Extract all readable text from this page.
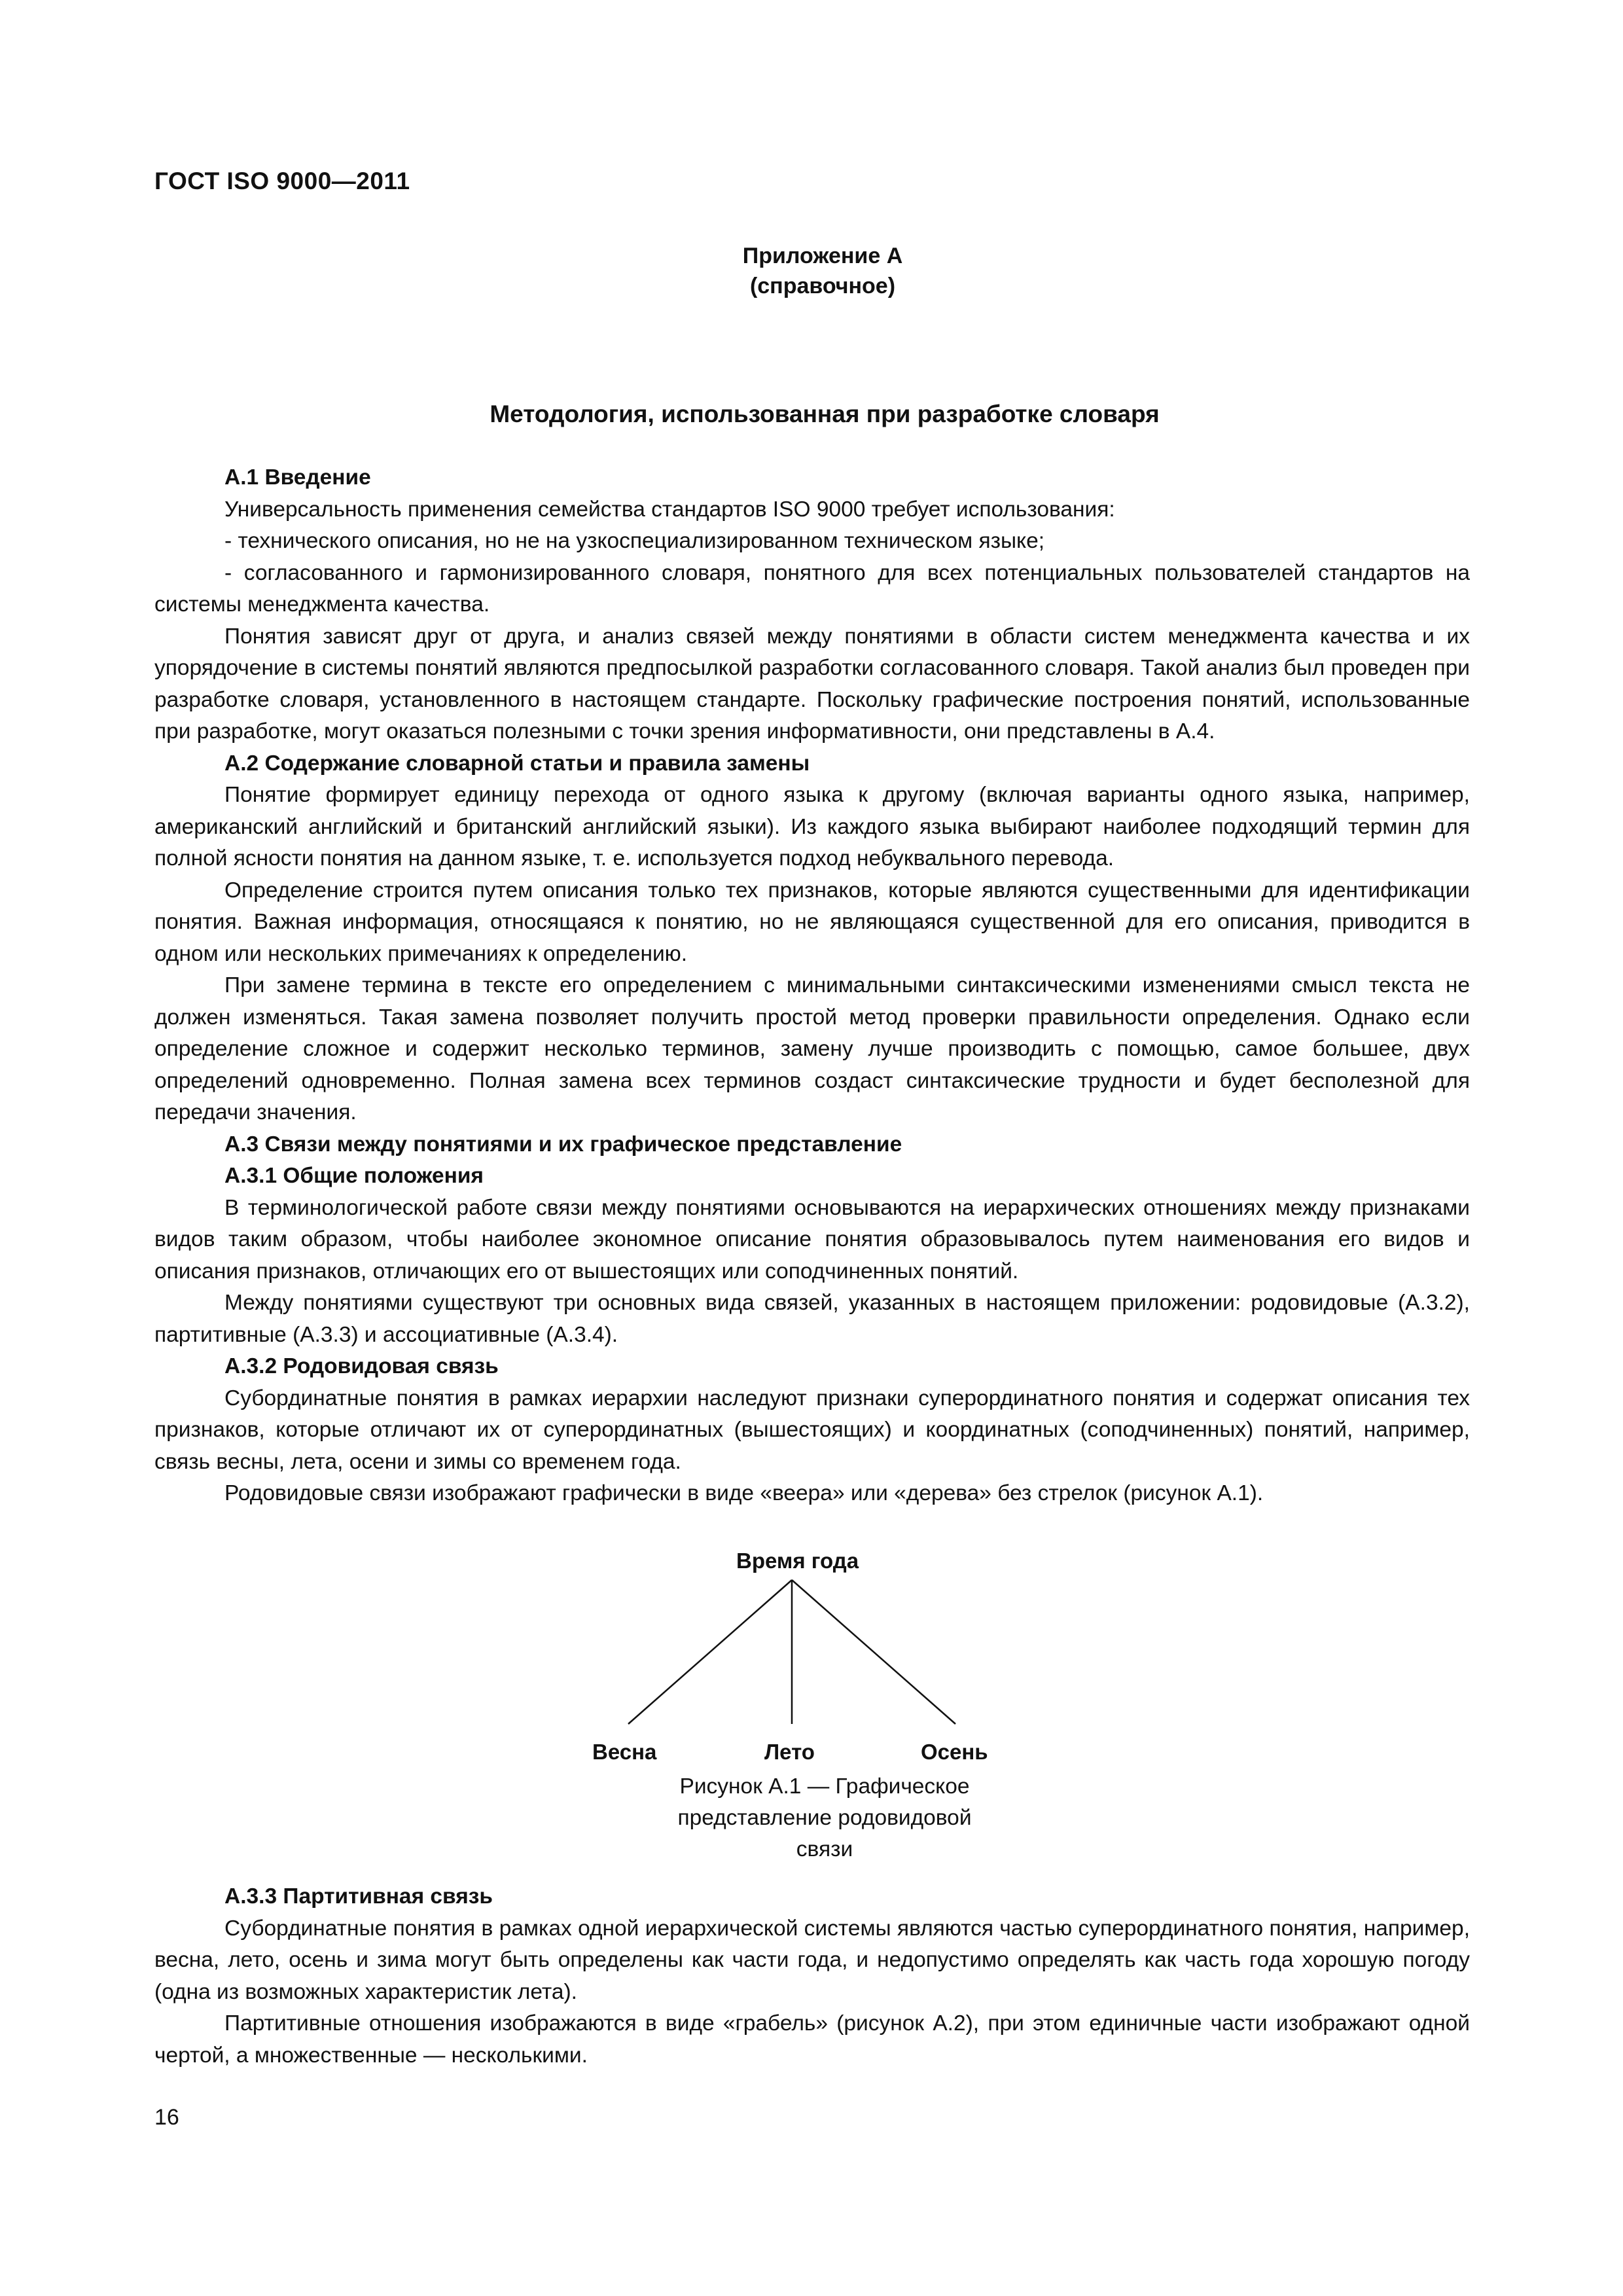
ГОСТ ISO 9000—2011
Приложение А
(справочное)
Методология, использованная при разработке словаря

А.1 Введение

Универсальность применения семейства стандартов ISO 9000 требует использования:

- технического описания, но не на узкоспециализированном техническом языке;

- согласованного и гармонизированного словаря, понятного для всех потенциальных пользователей стандартов на системы менеджмента качества.

Понятия зависят друг от друга, и анализ связей между понятиями в области систем менеджмента качества и их упорядочение в системы понятий являются предпосылкой разработки согласованного словаря. Такой анализ был проведен при разработке словаря, установленного в настоящем стандарте. Поскольку графические построения понятий, использованные при разработке, могут оказаться полезными с точки зрения информативности, они представлены в А.4.

А.2 Содержание словарной статьи и правила замены

Понятие формирует единицу перехода от одного языка к другому (включая варианты одного языка, например, американский английский и британский английский языки). Из каждого языка выбирают наиболее подходящий термин для полной ясности понятия на данном языке, т. е. используется подход небуквального перевода.

Определение строится путем описания только тех признаков, которые являются существенными для идентификации понятия. Важная информация, относящаяся к понятию, но не являющаяся существенной для его описания, приводится в одном или нескольких примечаниях к определению.

При замене термина в тексте его определением с минимальными синтаксическими изменениями смысл текста не должен изменяться. Такая замена позволяет получить простой метод проверки правильности определения. Однако если определение сложное и содержит несколько терминов, замену лучше производить с помощью, самое большее, двух определений одновременно. Полная замена всех терминов создаст синтаксические трудности и будет бесполезной для передачи значения.

А.3 Связи между понятиями и их графическое представление

А.3.1 Общие положения

В терминологической работе связи между понятиями основываются на иерархических отношениях между признаками видов таким образом, чтобы наиболее экономное описание понятия образовывалось путем наименования его видов и описания признаков, отличающих его от вышестоящих или соподчиненных понятий.

Между понятиями существуют три основных вида связей, указанных в настоящем приложении: родовидовые (А.3.2), партитивные (А.3.3) и ассоциативные (А.3.4).

А.3.2 Родовидовая связь

Субординатные понятия в рамках иерархии наследуют признаки суперординатного понятия и содержат описания тех признаков, которые отличают их от суперординатных (вышестоящих) и координатных (соподчиненных) понятий, например, связь весны, лета, осени и зимы со временем года.

Родовидовые связи изображают графически в виде «веера» или «дерева» без стрелок (рисунок А.1).

Время года
Весна	Лето	Осень
Рисунок А.1 — Графическое
представление родовидовой
связи

А.3.3 Партитивная связь

Субординатные понятия в рамках одной иерархической системы являются частью суперординатного понятия, например, весна, лето, осень и зима могут быть определены как части года, и недопустимо определять как часть года хорошую погоду (одна из возможных характеристик лета).

Партитивные отношения изображаются в виде «грабель» (рисунок А.2), при этом единичные части изображают одной чертой, а множественные — несколькими.

16
